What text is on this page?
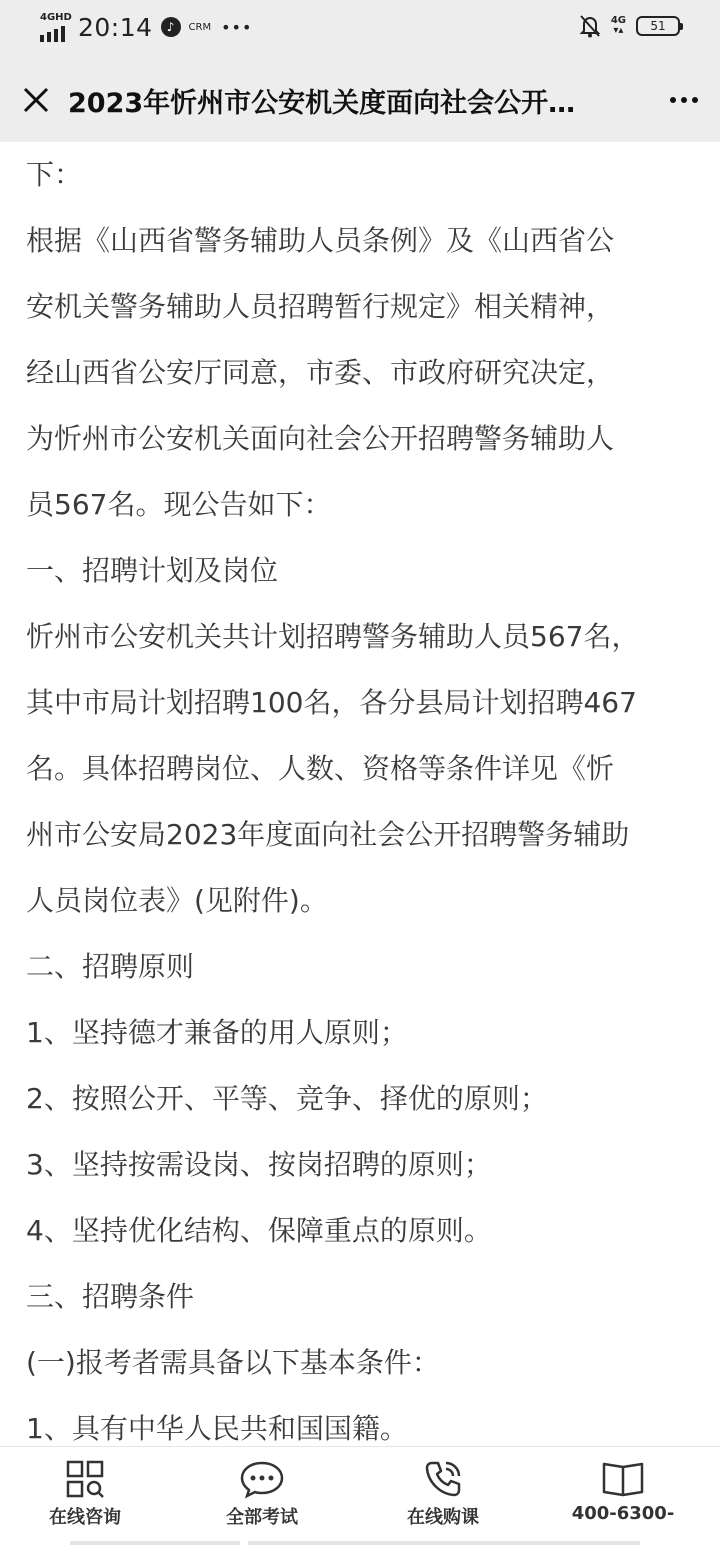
4GHD 20:14	♪	CRM •••	4G
▾▴ 51
2023年忻州市公安机关度面向社会公开…

下：

根据《山西省警务辅助人员条例》及《山西省公

安机关警务辅助人员招聘暂行规定》相关精神，

经山西省公安厅同意，市委、市政府研究决定，

为忻州市公安机关面向社会公开招聘警务辅助人

员567名。现公告如下：

一、招聘计划及岗位

忻州市公安机关共计划招聘警务辅助人员567名，

其中市局计划招聘100名，各分县局计划招聘467

名。具体招聘岗位、人数、资格等条件详见《忻

州市公安局2023年度面向社会公开招聘警务辅助

人员岗位表》(见附件)。

二、招聘原则

1、坚持德才兼备的用人原则；

2、按照公开、平等、竞争、择优的原则；

3、坚持按需设岗、按岗招聘的原则；

4、坚持优化结构、保障重点的原则。

三、招聘条件

(一)报考者需具备以下基本条件：

1、具有中华人民共和国国籍。

在线咨询	全部考试	在线购课	400-6300-
